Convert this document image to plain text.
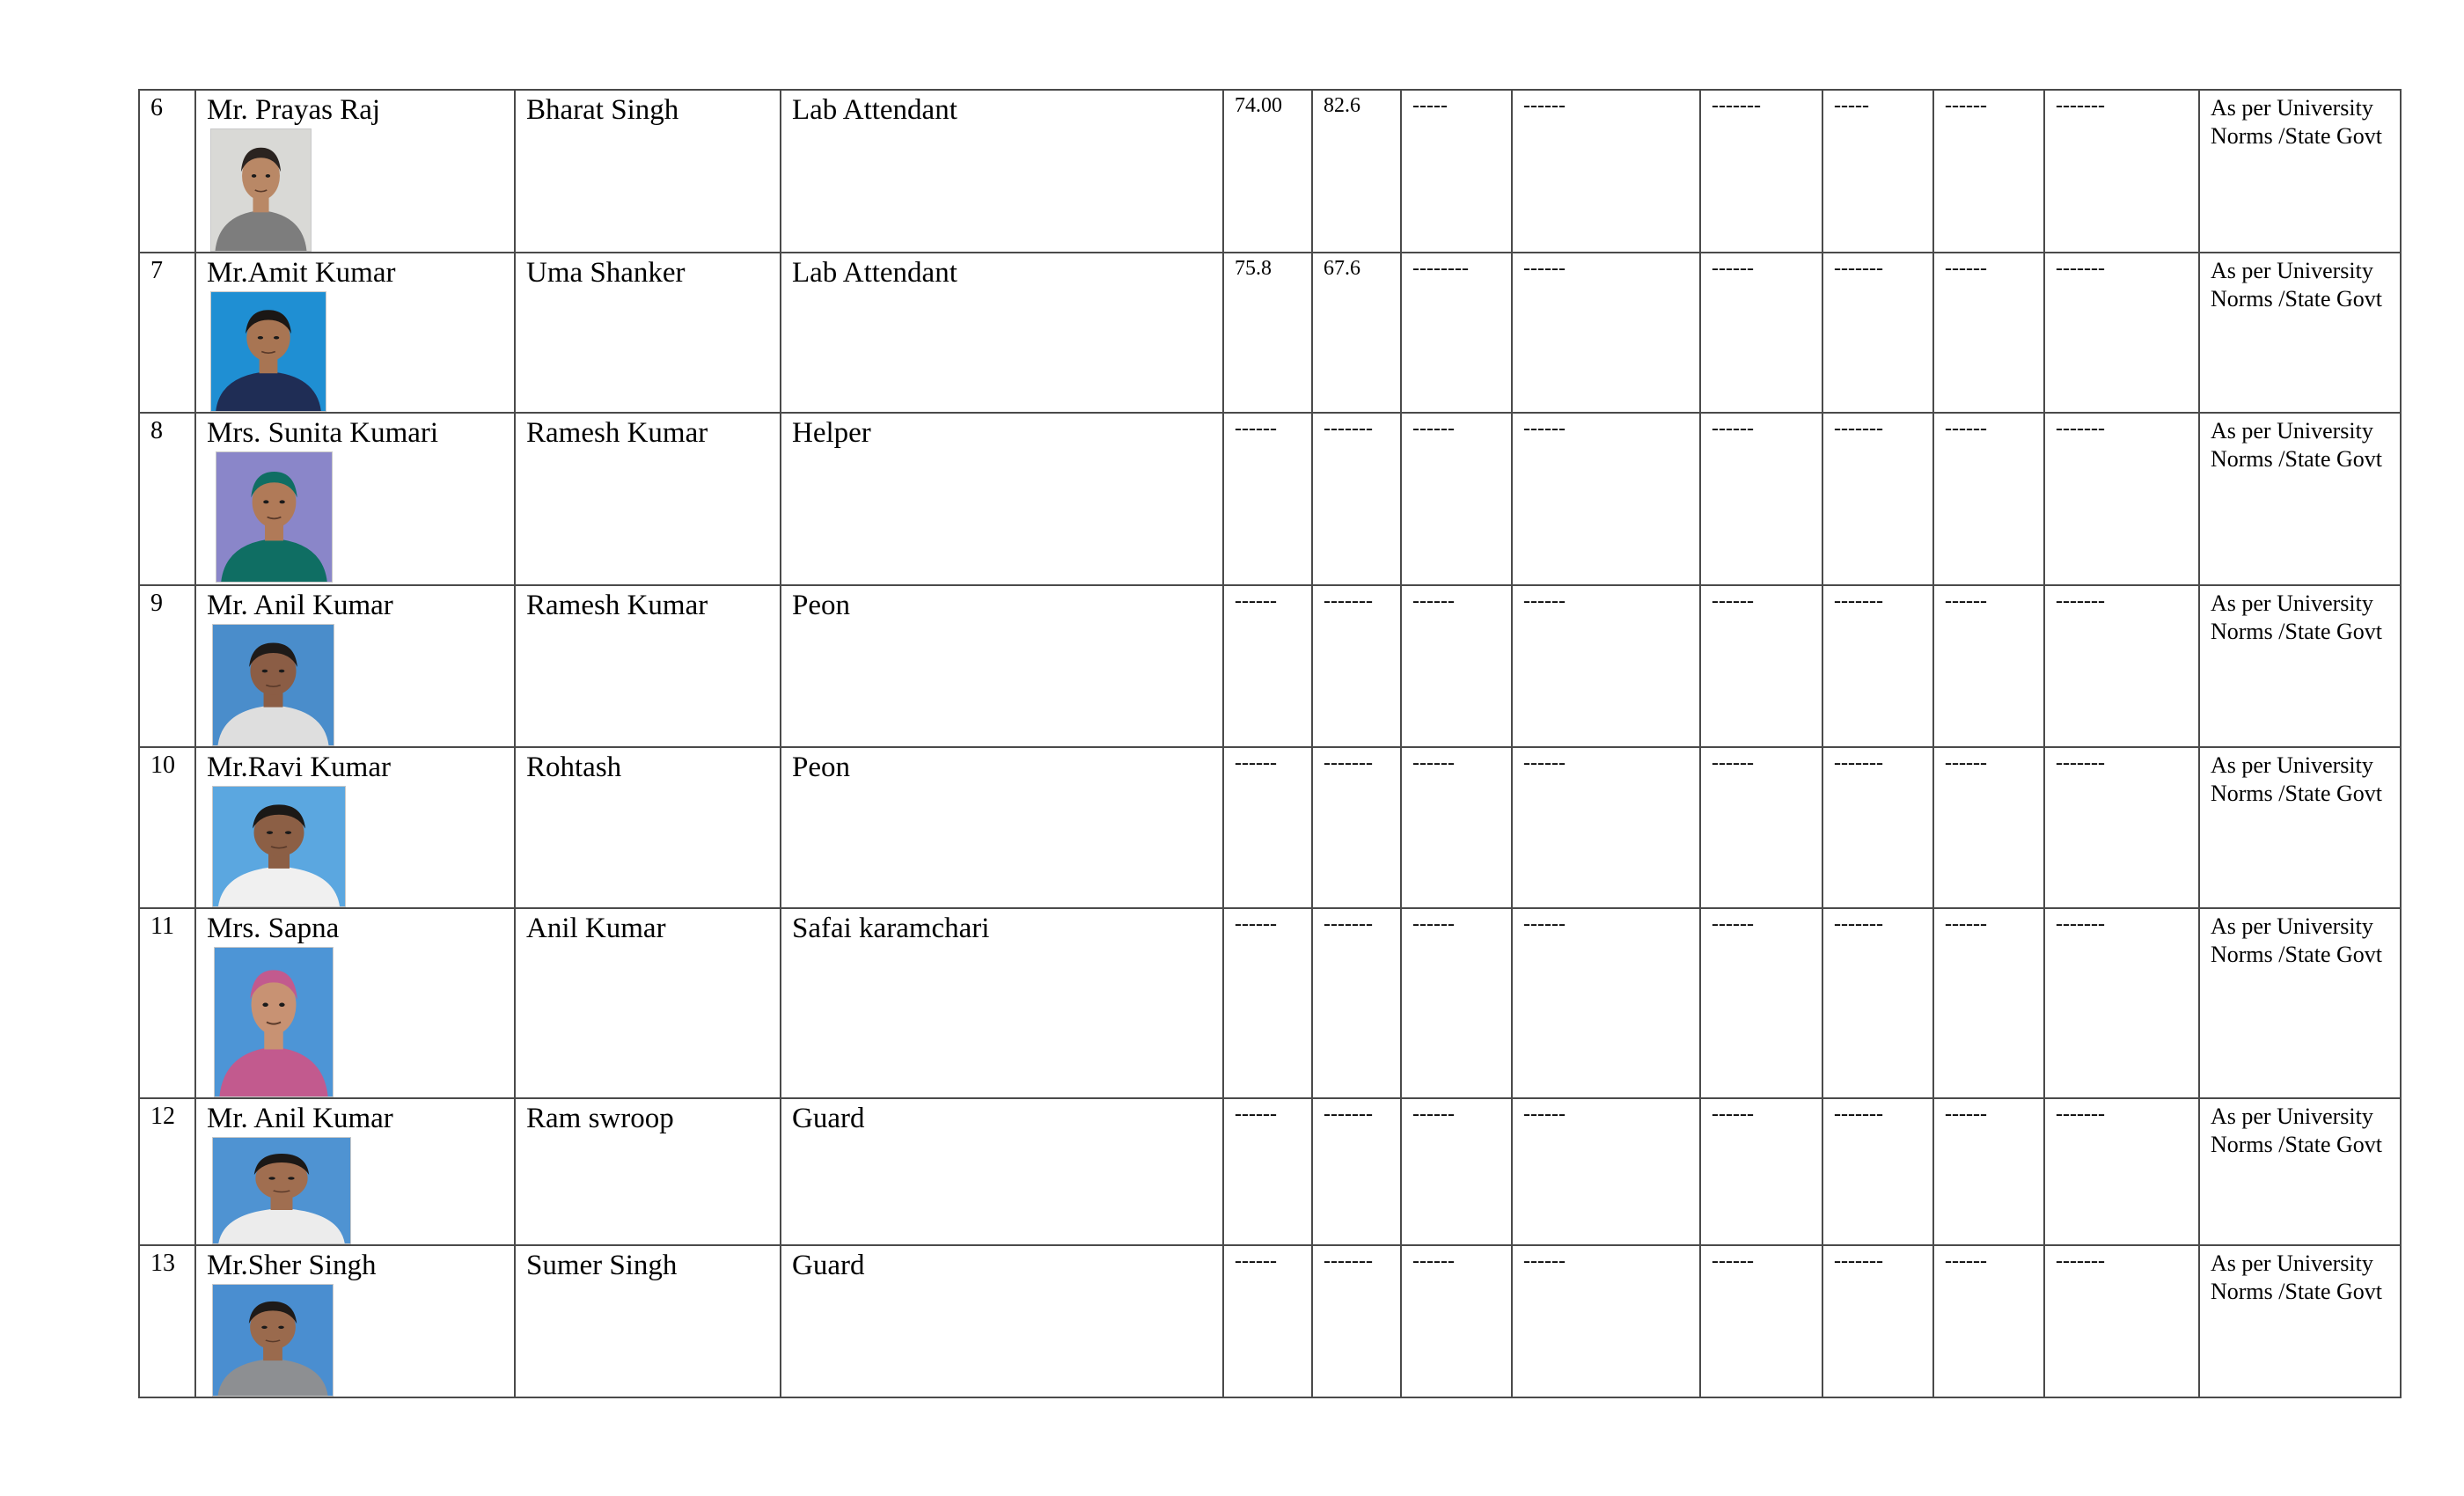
6	Mr. Prayas Raj	Bharat Singh	Lab Attendant	74.00	82.6	-----	------	-------	-----	------	-------	As per University Norms /State Govt
7	Mr.Amit Kumar	Uma Shanker	Lab Attendant	75.8	67.6	--------	------	------	-------	------	-------	As per University Norms /State Govt
8	Mrs. Sunita Kumari	Ramesh Kumar	Helper	------	-------	------	------	------	-------	------	-------	As per University Norms /State Govt
9	Mr. Anil Kumar	Ramesh Kumar	Peon	------	-------	------	------	------	-------	------	-------	As per University Norms /State Govt
10	Mr.Ravi Kumar	Rohtash	Peon	------	-------	------	------	------	-------	------	-------	As per University Norms /State Govt
11	Mrs. Sapna	Anil Kumar	Safai karamchari	------	-------	------	------	------	-------	------	-------	As per University Norms /State Govt
12	Mr. Anil Kumar	Ram swroop	Guard	------	-------	------	------	------	-------	------	-------	As per University Norms /State Govt
13	Mr.Sher Singh	Sumer Singh	Guard	------	-------	------	------	------	-------	------	-------	As per University Norms /State Govt
